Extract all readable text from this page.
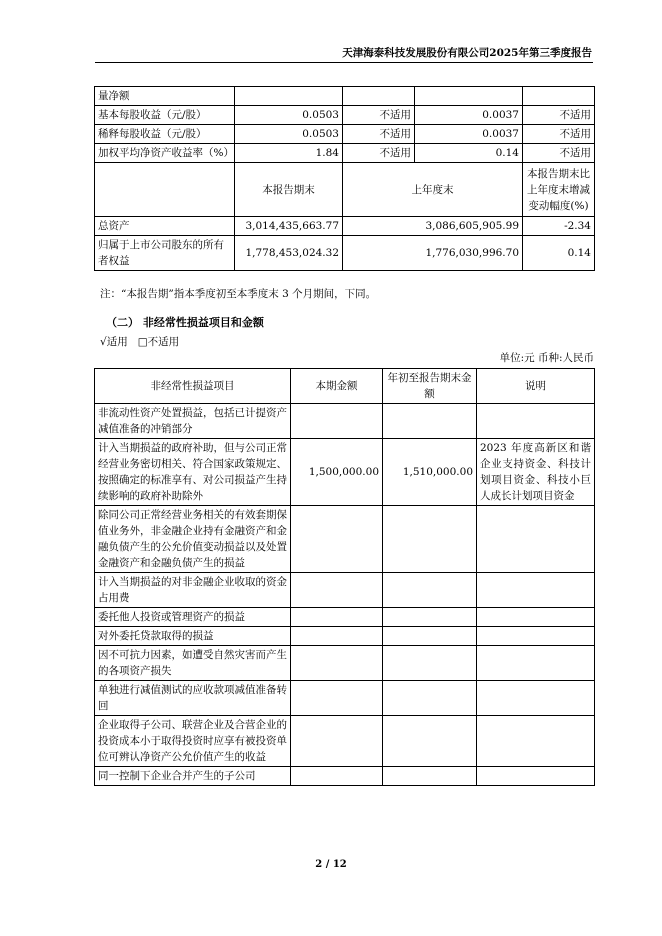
天津海泰科技发展股份有限公司2025年第三季度报告
量净额				
基本每股收益（元/股）	0.0503	不适用	0.0037	不适用
稀释每股收益（元/股）	0.0503	不适用	0.0037	不适用
加权平均净资产收益率（%）	1.84	不适用	0.14	不适用
	本报告期末	上年度末		本报告期末比上年度末增减变动幅度(%)
总资产	3,014,435,663.77	3,086,605,905.99		-2.34
归属于上市公司股东的所有者权益	1,778,453,024.32	1,776,030,996.70		0.14
注：“本报告期”指本季度初至本季度末 3 个月期间，下同。
（二） 非经常性损益项目和金额
√适用 □不适用
单位:元 币种:人民币
非经常性损益项目	本期金额	年初至报告期末金额	说明
非流动性资产处置损益，包括已计提资产减值准备的冲销部分			
计入当期损益的政府补助，但与公司正常经营业务密切相关、符合国家政策规定、按照确定的标准享有、对公司损益产生持续影响的政府补助除外	1,500,000.00	1,510,000.00	2023 年度高新区和谐企业支持资金、科技计划项目资金、科技小巨人成长计划项目资金
除同公司正常经营业务相关的有效套期保值业务外，非金融企业持有金融资产和金融负债产生的公允价值变动损益以及处置金融资产和金融负债产生的损益			
计入当期损益的对非金融企业收取的资金占用费			
委托他人投资或管理资产的损益			
对外委托贷款取得的损益			
因不可抗力因素，如遭受自然灾害而产生的各项资产损失			
单独进行减值测试的应收款项减值准备转回			
企业取得子公司、联营企业及合营企业的投资成本小于取得投资时应享有被投资单位可辨认净资产公允价值产生的收益			
同一控制下企业合并产生的子公司			
2 / 12
